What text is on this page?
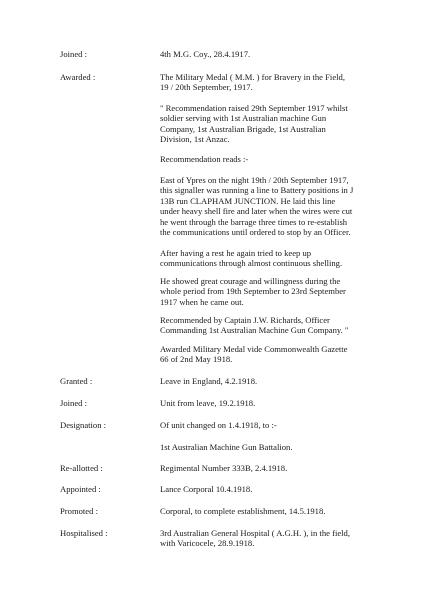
Joined :	4th M.G. Coy., 28.4.1917.
Awarded :	The Military Medal ( M.M. ) for Bravery in the Field,
19 / 20th September, 1917.
" Recommendation raised 29th September 1917 whilst
soldier serving with 1st Australian machine Gun
Company, 1st Australian Brigade, 1st Australian
Division, 1st Anzac.
Recommendation reads :-
East of Ypres on the night 19th / 20th September 1917,
this signaller was running a line to Battery positions in J
13B run CLAPHAM JUNCTION. He laid this line
under heavy shell fire and later when the wires were cut
he went through the barrage three times to re-establish
the communications until ordered to stop by an Officer.
After having a rest he again tried to keep up
communications through almost continuous shelling.
He showed great courage and willingness during the
whole period from 19th September to 23rd September
1917 when he came out.
Recommended by Captain J.W. Richards, Officer
Commanding 1st Australian Machine Gun Company. "
Awarded Military Medal vide Commonwealth Gazette
66 of 2nd May 1918.
Granted :	Leave in England, 4.2.1918.
Joined :	Unit from leave, 19.2.1918.
Designation :	Of unit changed on 1.4.1918, to :-
1st Australian Machine Gun Battalion.
Re-allotted :	Regimental Number 333B, 2.4.1918.
Appointed :	Lance Corporal 10.4.1918.
Promoted :	Corporal, to complete establishment, 14.5.1918.
Hospitalised :	3rd Australian General Hospital ( A.G.H. ), in the field,
with Varicocele, 28.9.1918.
